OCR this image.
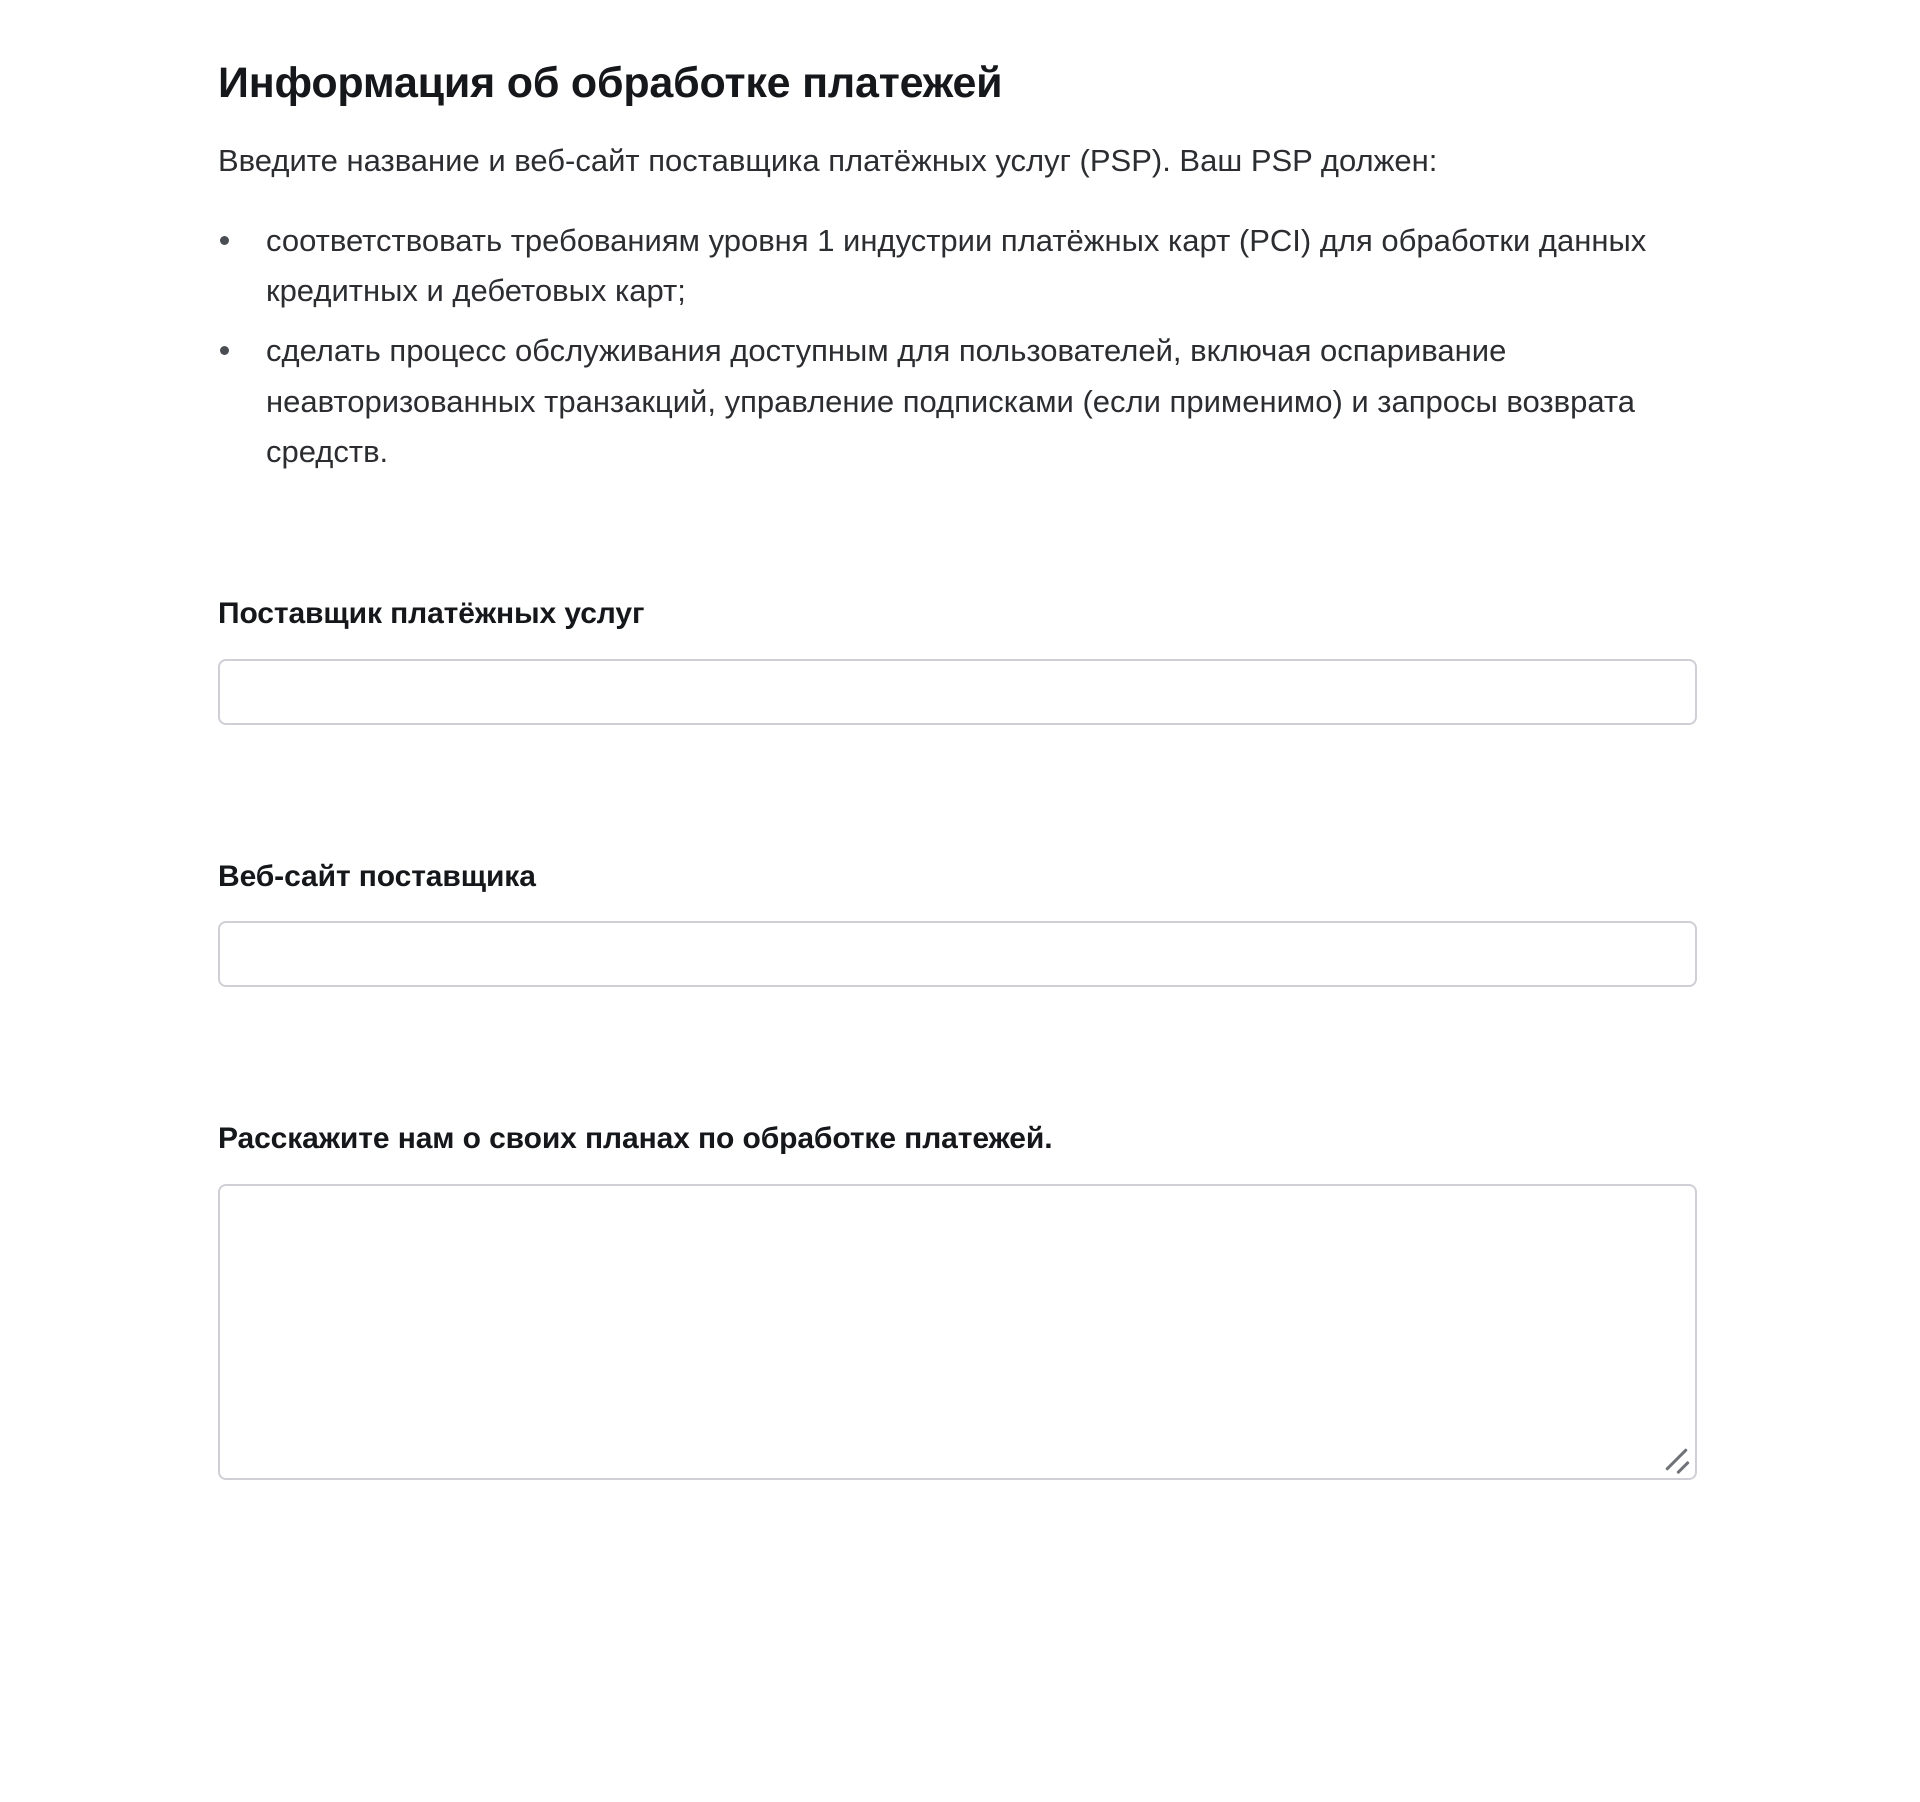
Информация об обработке платежей

Введите название и веб-сайт поставщика платёжных услуг (PSP). Ваш PSP должен:

соответствовать требованиям уровня 1 индустрии платёжных карт (PCI) для обработки данных кредитных и дебетовых карт;
сделать процесс обслуживания доступным для пользователей, включая оспаривание неавторизованных транзакций, управление подписками (если применимо) и запросы возврата средств.
Поставщик платёжных услуг
Веб-сайт поставщика
Расскажите нам о своих планах по обработке платежей.
